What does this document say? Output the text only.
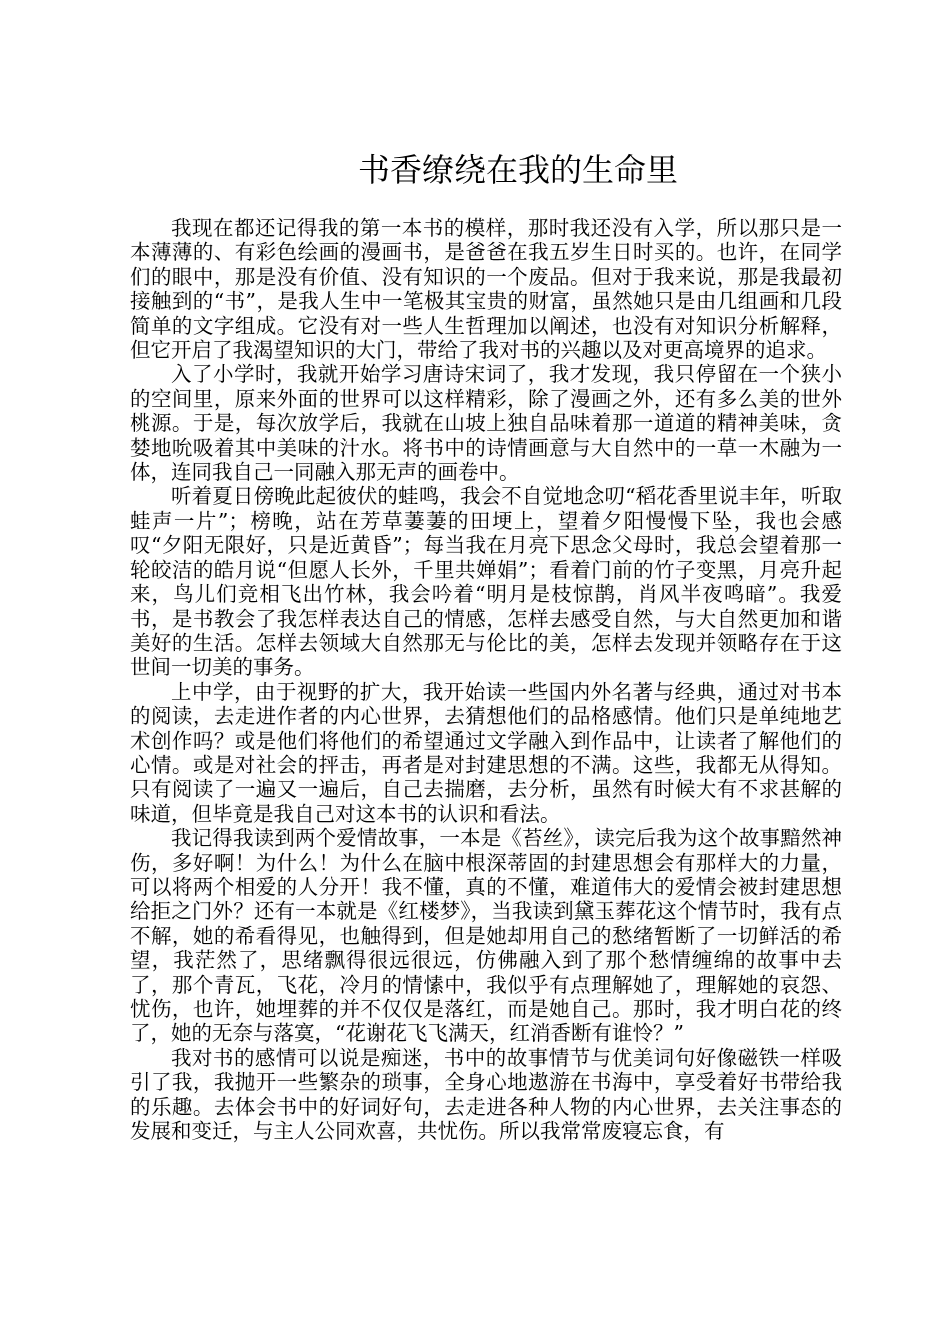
书香缭绕在我的生命里

我现在都还记得我的第一本书的模样，那时我还没有入学，所以那只是一本薄薄的、有彩色绘画的漫画书，是爸爸在我五岁生日时买的。也许，在同学们的眼中，那是没有价值、没有知识的一个废品。但对于我来说，那是我最初接触到的“书”，是我人生中一笔极其宝贵的财富，虽然她只是由几组画和几段简单的文字组成。它没有对一些人生哲理加以阐述，也没有对知识分析解释，但它开启了我渴望知识的大门，带给了我对书的兴趣以及对更高境界的追求。

入了小学时，我就开始学习唐诗宋词了，我才发现，我只停留在一个狭小的空间里，原来外面的世界可以这样精彩，除了漫画之外，还有多么美的世外桃源。于是，每次放学后，我就在山坡上独自品味着那一道道的精神美味，贪婪地吮吸着其中美味的汁水。将书中的诗情画意与大自然中的一草一木融为一体，连同我自己一同融入那无声的画卷中。

听着夏日傍晚此起彼伏的蛙鸣，我会不自觉地念叨“稻花香里说丰年，听取蛙声一片”；榜晚，站在芳草萋萋的田埂上，望着夕阳慢慢下坠，我也会感叹“夕阳无限好，只是近黄昏”；每当我在月亮下思念父母时，我总会望着那一轮皎洁的皓月说“但愿人长外，千里共婵娟”；看着门前的竹子变黑，月亮升起来，鸟儿们竞相飞出竹林，我会吟着“明月是枝惊鹊，肖风半夜鸣暗”。我爱书，是书教会了我怎样表达自己的情感，怎样去感受自然，与大自然更加和谐美好的生活。怎样去领域大自然那无与伦比的美，怎样去发现并领略存在于这世间一切美的事务。

上中学，由于视野的扩大，我开始读一些国内外名著与经典，通过对书本的阅读，去走进作者的内心世界，去猜想他们的品格感情。他们只是单纯地艺术创作吗？或是他们将他们的希望通过文学融入到作品中，让读者了解他们的心情。或是对社会的抨击，再者是对封建思想的不满。这些，我都无从得知。只有阅读了一遍又一遍后，自己去揣磨，去分析，虽然有时候大有不求甚解的味道，但毕竟是我自己对这本书的认识和看法。

我记得我读到两个爱情故事，一本是《苔丝》，读完后我为这个故事黯然神伤，多好啊！为什么！为什么在脑中根深蒂固的封建思想会有那样大的力量，可以将两个相爱的人分开！我不懂，真的不懂，难道伟大的爱情会被封建思想给拒之门外？还有一本就是《红楼梦》，当我读到黛玉葬花这个情节时，我有点不解，她的希看得见，也触得到，但是她却用自己的愁绪暂断了一切鲜活的希望，我茫然了，思绪飘得很远很远，仿佛融入到了那个愁情缠绵的故事中去了，那个青瓦，飞花，冷月的情愫中，我似乎有点理解她了，理解她的哀怨、忧伤，也许，她埋葬的并不仅仅是落红，而是她自己。那时，我才明白花的终了，她的无奈与落寞，“花谢花飞飞满天，红消香断有谁怜？”

我对书的感情可以说是痴迷，书中的故事情节与优美词句好像磁铁一样吸引了我，我抛开一些繁杂的琐事，全身心地遨游在书海中，享受着好书带给我的乐趣。去体会书中的好词好句，去走进各种人物的内心世界，去关注事态的发展和变迁，与主人公同欢喜，共忧伤。所以我常常废寝忘食，有
